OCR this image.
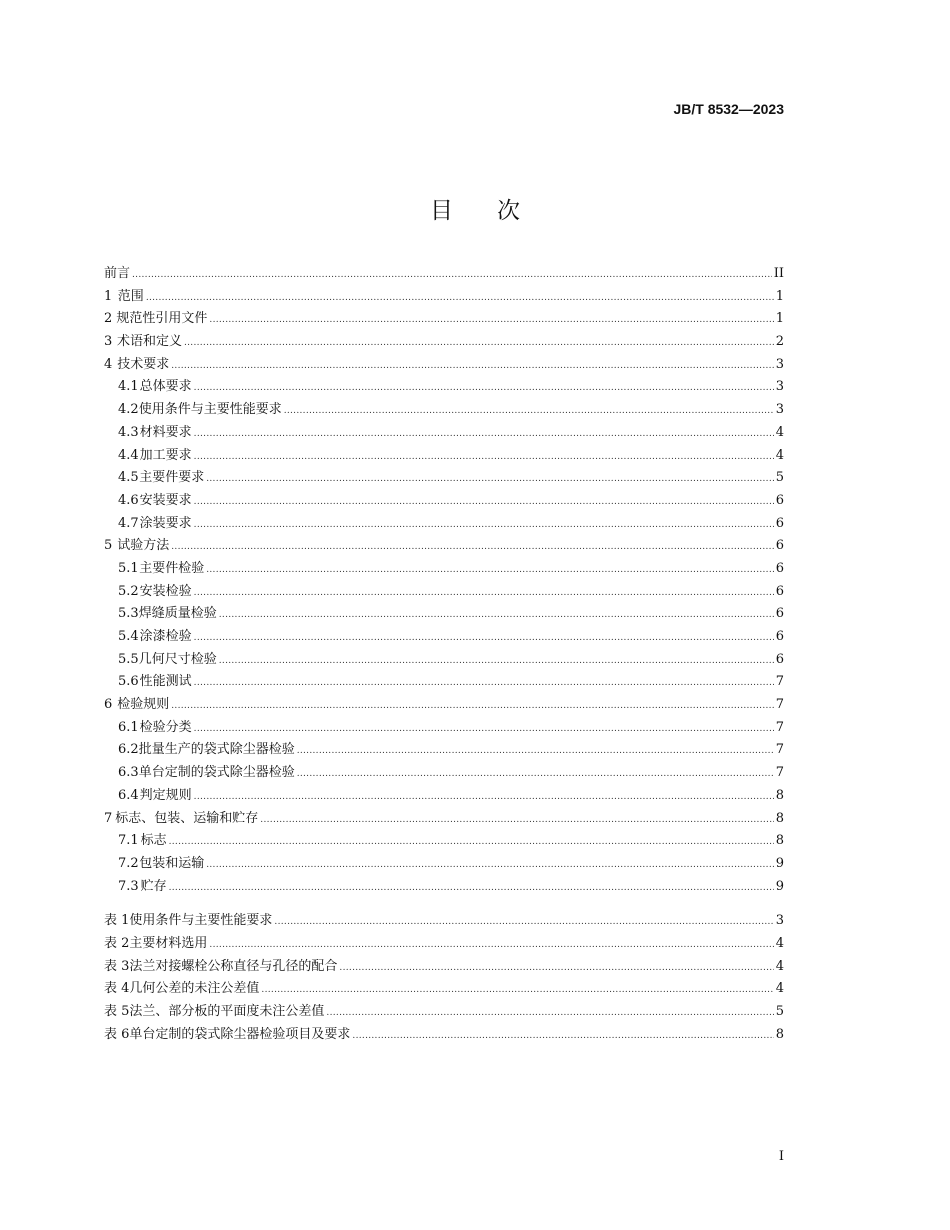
JB/T 8532—2023
目次
前言 .....	II
1 范围 .....	1
2 规范性引用文件 .....	1
3 术语和定义 .....	2
4 技术要求 .....	3
4.1 总体要求 .....	3
4.2 使用条件与主要性能要求 .....	3
4.3 材料要求 .....	4
4.4 加工要求 .....	4
4.5 主要件要求 .....	5
4.6 安装要求 .....	6
4.7 涂装要求 .....	6
5 试验方法 .....	6
5.1 主要件检验 .....	6
5.2 安装检验 .....	6
5.3 焊缝质量检验 .....	6
5.4 涂漆检验 .....	6
5.5 几何尺寸检验 .....	6
5.6 性能测试 .....	7
6 检验规则 .....	7
6.1 检验分类 .....	7
6.2 批量生产的袋式除尘器检验 .....	7
6.3 单台定制的袋式除尘器检验 .....	7
6.4 判定规则 .....	8
7 标志、包装、运输和贮存 .....	8
7.1 标志 .....	8
7.2 包装和运输 .....	9
7.3 贮存 .....	9
表 1 使用条件与主要性能要求 .....	3
表 2 主要材料选用 .....	4
表 3 法兰对接螺栓公称直径与孔径的配合 .....	4
表 4 几何公差的未注公差值 .....	4
表 5 法兰、部分板的平面度未注公差值 .....	5
表 6 单台定制的袋式除尘器检验项目及要求 .....	8
I
